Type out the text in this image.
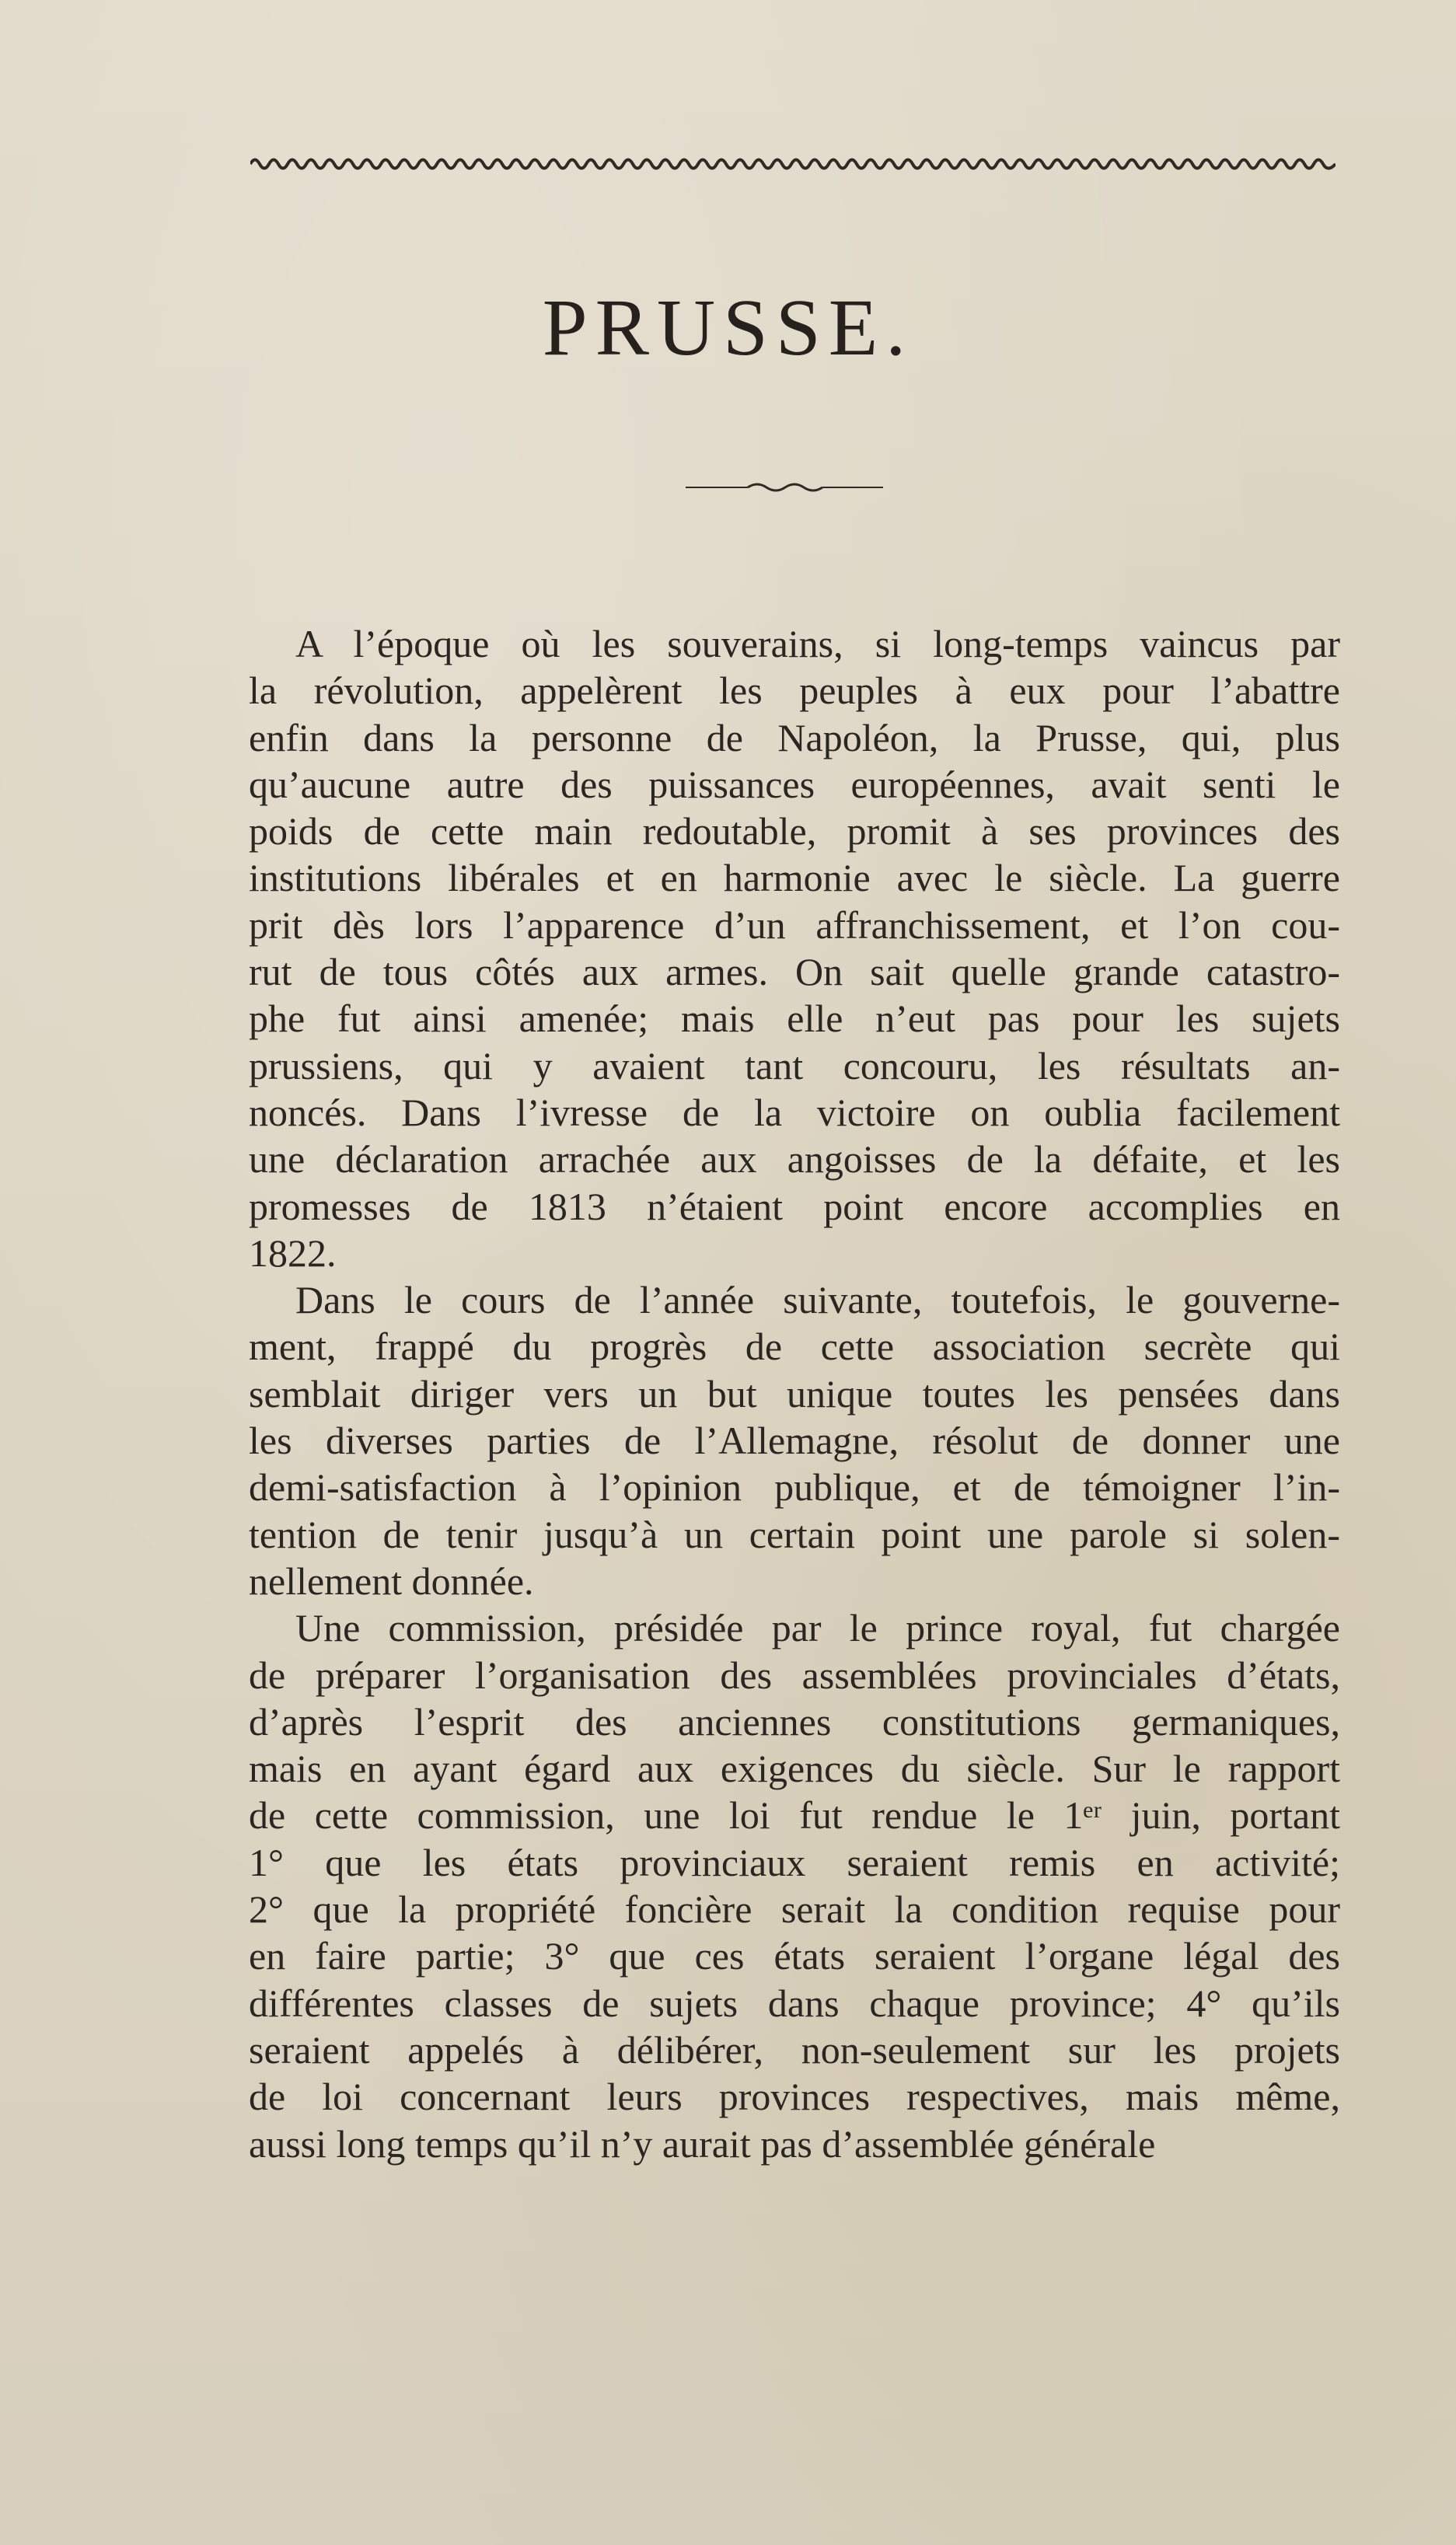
PRUSSE.
A l’époque où les souverains, si long-temps vaincus par
la révolution, appelèrent les peuples à eux pour l’abattre
enfin dans la personne de Napoléon, la Prusse, qui, plus
qu’aucune autre des puissances européennes, avait senti le
poids de cette main redoutable, promit à ses provinces des
institutions libérales et en harmonie avec le siècle. La guerre
prit dès lors l’apparence d’un affranchissement, et l’on cou-
rut de tous côtés aux armes. On sait quelle grande catastro-
phe fut ainsi amenée; mais elle n’eut pas pour les sujets
prussiens, qui y avaient tant concouru, les résultats an-
noncés. Dans l’ivresse de la victoire on oublia facilement
une déclaration arrachée aux angoisses de la défaite, et les
promesses de 1813 n’étaient point encore accomplies en
1822.
Dans le cours de l’année suivante, toutefois, le gouverne-
ment, frappé du progrès de cette association secrète qui
semblait diriger vers un but unique toutes les pensées dans
les diverses parties de l’Allemagne, résolut de donner une
demi-satisfaction à l’opinion publique, et de témoigner l’in-
tention de tenir jusqu’à un certain point une parole si solen-
nellement donnée.
Une commission, présidée par le prince royal, fut chargée
de préparer l’organisation des assemblées provinciales d’états,
d’après l’esprit des anciennes constitutions germaniques,
mais en ayant égard aux exigences du siècle. Sur le rapport
de cette commission, une loi fut rendue le 1ᵉʳ juin, portant
1° que les états provinciaux seraient remis en activité;
2° que la propriété foncière serait la condition requise pour
en faire partie; 3° que ces états seraient l’organe légal des
différentes classes de sujets dans chaque province; 4° qu’ils
seraient appelés à délibérer, non-seulement sur les projets
de loi concernant leurs provinces respectives, mais même,
aussi long temps qu’il n’y aurait pas d’assemblée générale
